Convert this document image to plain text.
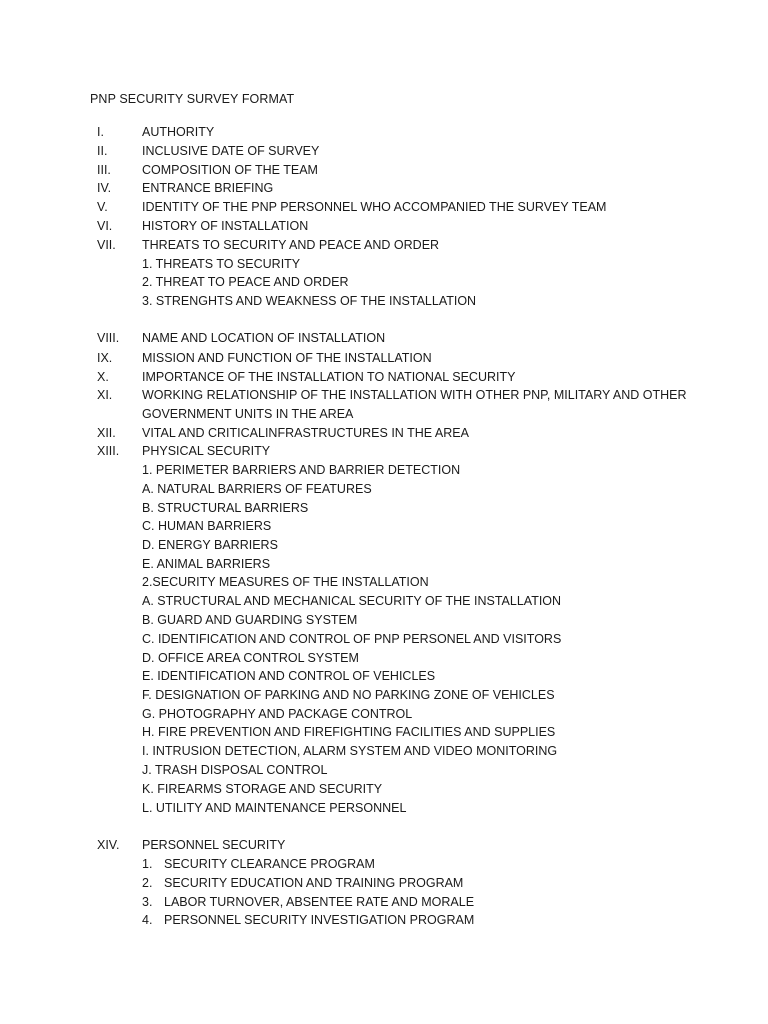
PNP SECURITY SURVEY FORMAT
I.	AUTHORITY
II.	INCLUSIVE DATE OF SURVEY
III. COMPOSITION OF THE TEAM
IV. ENTRANCE BRIEFING
V.	IDENTITY OF THE PNP PERSONNEL WHO ACCOMPANIED THE SURVEY TEAM
VI. HISTORY OF INSTALLATION
VII. THREATS TO SECURITY AND PEACE AND ORDER
1. THREATS TO SECURITY
2. THREAT TO PEACE AND ORDER
3. STRENGHTS AND WEAKNESS OF THE INSTALLATION
VIII. NAME AND LOCATION OF INSTALLATION
IX. MISSION AND FUNCTION OF THE INSTALLATION
X.	IMPORTANCE OF THE INSTALLATION TO NATIONAL SECURITY
XI. WORKING RELATIONSHIP OF THE INSTALLATION WITH OTHER PNP, MILITARY AND OTHER
GOVERNMENT UNITS IN THE AREA
XII. VITAL AND CRITICALINFRASTRUCTURES IN THE AREA
XIII. PHYSICAL SECURITY
1. PERIMETER BARRIERS AND BARRIER DETECTION
A. NATURAL BARRIERS OF FEATURES
B. STRUCTURAL BARRIERS
C. HUMAN BARRIERS
D. ENERGY BARRIERS
E. ANIMAL BARRIERS
2.SECURITY MEASURES OF THE INSTALLATION
A. STRUCTURAL AND MECHANICAL SECURITY OF THE INSTALLATION
B. GUARD AND GUARDING SYSTEM
C. IDENTIFICATION AND CONTROL OF PNP PERSONEL AND VISITORS
D. OFFICE AREA CONTROL SYSTEM
E. IDENTIFICATION AND CONTROL OF VEHICLES
F. DESIGNATION OF PARKING AND NO PARKING ZONE OF VEHICLES
G. PHOTOGRAPHY AND PACKAGE CONTROL
H. FIRE PREVENTION AND FIREFIGHTING FACILITIES AND SUPPLIES
I. INTRUSION DETECTION, ALARM SYSTEM AND VIDEO MONITORING
J. TRASH DISPOSAL CONTROL
K. FIREARMS STORAGE AND SECURITY
L. UTILITY AND MAINTENANCE PERSONNEL
XIV. PERSONNEL SECURITY
1. SECURITY CLEARANCE PROGRAM
2. SECURITY EDUCATION AND TRAINING PROGRAM
3. LABOR TURNOVER, ABSENTEE RATE AND MORALE
4. PERSONNEL SECURITY INVESTIGATION PROGRAM
